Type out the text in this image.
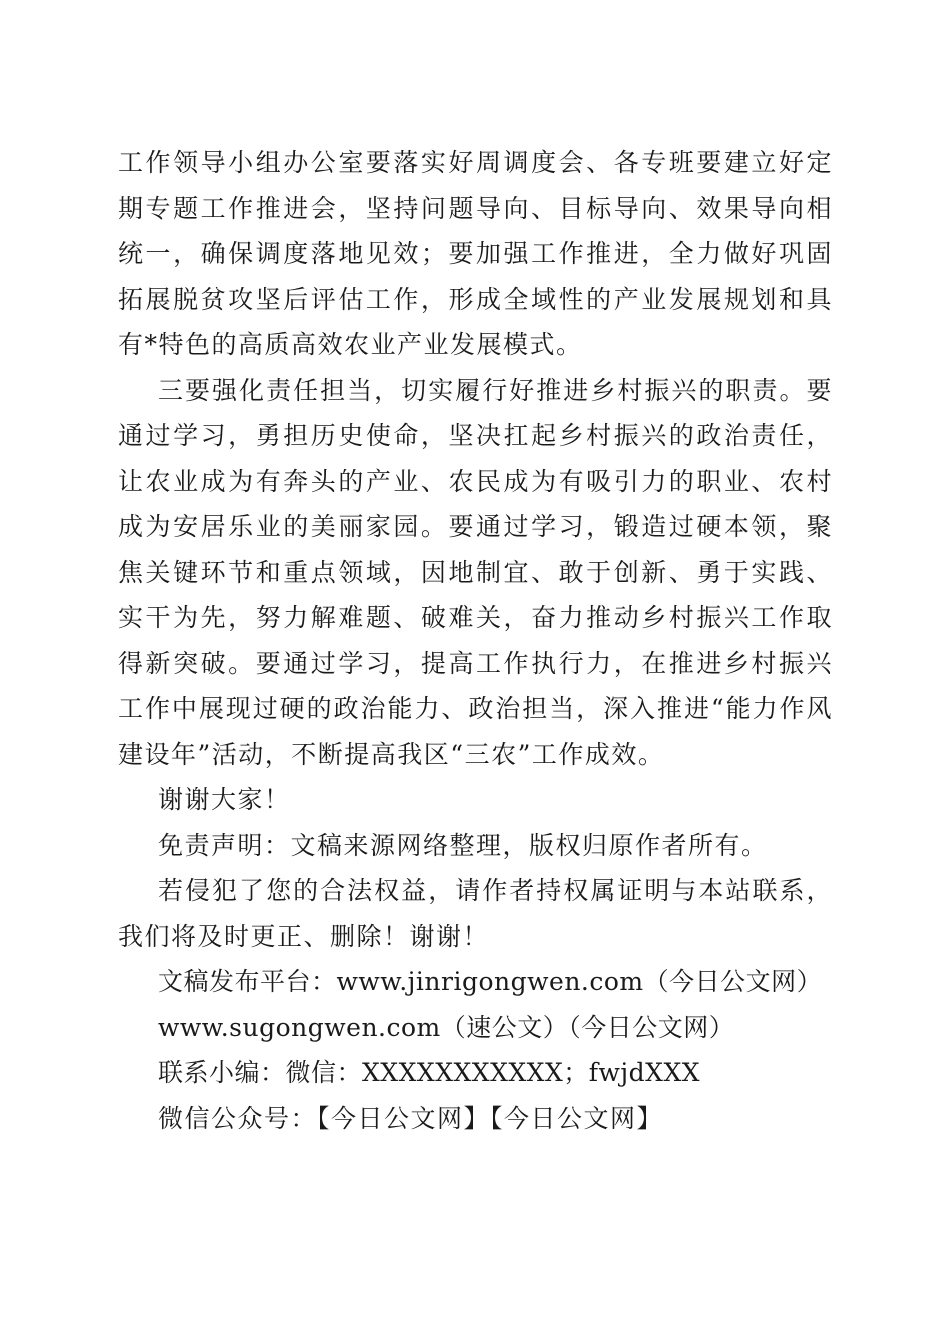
工作领导小组办公室要落实好周调度会、各专班要建立好定期专题工作推进会，坚持问题导向、目标导向、效果导向相统一，确保调度落地见效；要加强工作推进，全力做好巩固拓展脱贫攻坚后评估工作，形成全域性的产业发展规划和具有*特色的高质高效农业产业发展模式。

三要强化责任担当，切实履行好推进乡村振兴的职责。要通过学习，勇担历史使命，坚决扛起乡村振兴的政治责任，让农业成为有奔头的产业、农民成为有吸引力的职业、农村成为安居乐业的美丽家园。要通过学习，锻造过硬本领，聚焦关键环节和重点领域，因地制宜、敢于创新、勇于实践、实干为先，努力解难题、破难关，奋力推动乡村振兴工作取得新突破。要通过学习，提高工作执行力，在推进乡村振兴工作中展现过硬的政治能力、政治担当，深入推进“能力作风建设年”活动，不断提高我区“三农”工作成效。

谢谢大家！

免责声明：文稿来源网络整理，版权归原作者所有。

若侵犯了您的合法权益，请作者持权属证明与本站联系，我们将及时更正、删除！谢谢！

文稿发布平台：www.jinrigongwen.com（今日公文网）

www.sugongwen.com（速公文）（今日公文网）

联系小编：微信：XXXXXXXXXXX；fwjdXXX

微信公众号：【今日公文网】【今日公文网】
